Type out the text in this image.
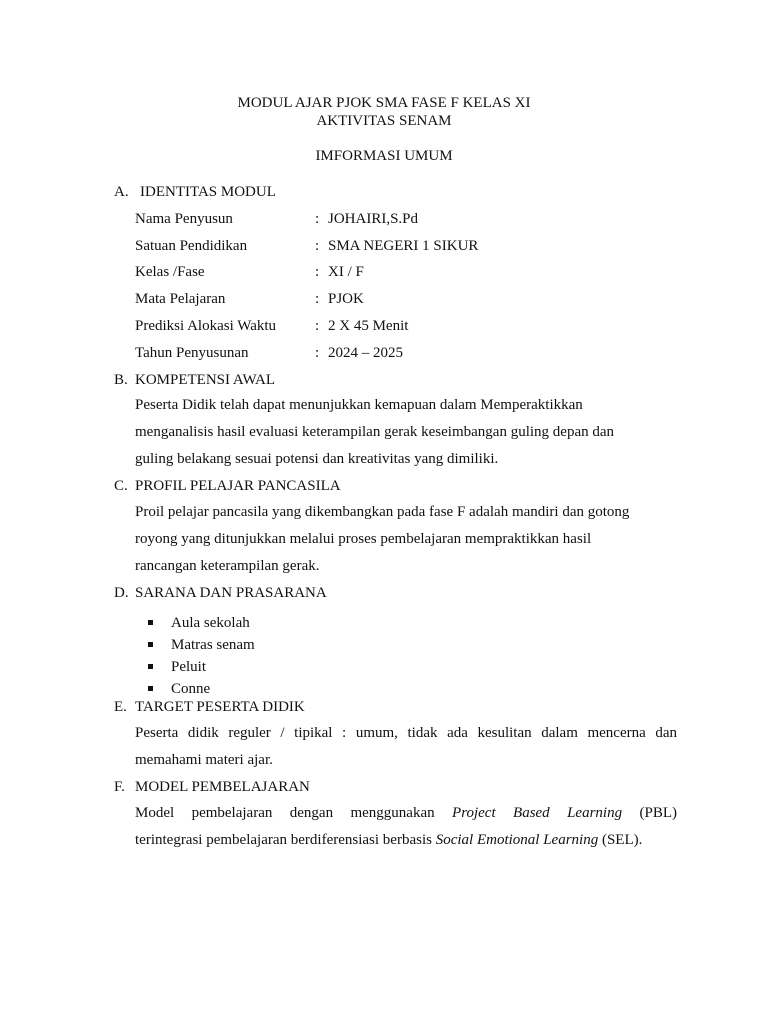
MODUL AJAR PJOK SMA FASE F KELAS XI
AKTIVITAS SENAM
IMFORMASI UMUM
A. IDENTITAS MODUL
Nama Penyusun	: JOHAIRI,S.Pd
Satuan Pendidikan	: SMA NEGERI 1 SIKUR
Kelas /Fase	: XI / F
Mata Pelajaran	: PJOK
Prediksi Alokasi Waktu	: 2 X 45 Menit
Tahun Penyusunan	: 2024 – 2025
B. KOMPETENSI AWAL
Peserta Didik telah dapat menunjukkan kemapuan dalam Memperaktikkan
menganalisis hasil evaluasi keterampilan gerak keseimbangan guling depan dan
guling belakang sesuai potensi dan kreativitas yang dimiliki.
C. PROFIL PELAJAR PANCASILA
Proil pelajar pancasila yang dikembangkan pada fase F adalah mandiri dan gotong
royong yang ditunjukkan melalui proses pembelajaran mempraktikkan hasil
rancangan keterampilan gerak.
D. SARANA DAN PRASARANA
Aula sekolah
Matras senam
Peluit
Conne
E. TARGET PESERTA DIDIK
Peserta didik reguler / tipikal : umum, tidak ada kesulitan dalam mencerna dan
memahami materi ajar.
F. MODEL PEMBELAJARAN
Model pembelajaran dengan menggunakan Project Based Learning (PBL)
terintegrasi pembelajaran berdiferensiasi berbasis Social Emotional Learning (SEL).
